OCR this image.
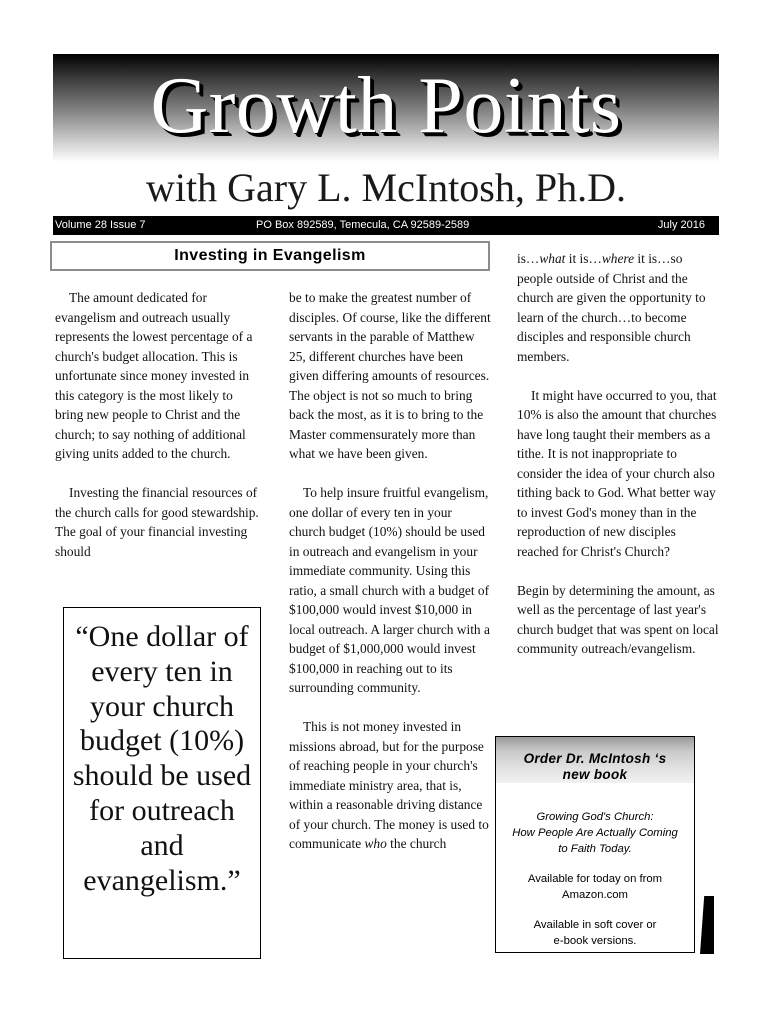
Growth Points
with Gary L. McIntosh, Ph.D.
Volume 28 Issue 7	PO Box 892589, Temecula, CA 92589-2589	July 2016
Investing in Evangelism

The amount dedicated for evangelism and outreach usually represents the lowest percentage of a church's budget allocation. This is unfortunate since money invested in this category is the most likely to bring new people to Christ and the church; to say nothing of additional giving units added to the church.

Investing the financial resources of the church calls for good stewardship. The goal of your financial investing should

“One dollar of every ten in your church budget (10%) should be used for outreach and evangelism.”

be to make the greatest number of disciples. Of course, like the different servants in the parable of Matthew 25, different churches have been given differing amounts of resources. The object is not so much to bring back the most, as it is to bring to the Master commensurately more than what we have been given.

To help insure fruitful evangelism, one dollar of every ten in your church budget (10%) should be used in outreach and evangelism in your immediate community. Using this ratio, a small church with a budget of $100,000 would invest $10,000 in local outreach. A larger church with a budget of $1,000,000 would invest $100,000 in reaching out to its surrounding community.

This is not money invested in missions abroad, but for the purpose of reaching people in your church's immediate ministry area, that is, within a reasonable driving distance of your church. The money is used to communicate who the church

is…what it is…where it is…so people outside of Christ and the church are given the opportunity to learn of the church…to become disciples and responsible church members.

It might have occurred to you, that 10% is also the amount that churches have long taught their members as a tithe. It is not inappropriate to consider the idea of your church also tithing back to God. What better way to invest God's money than in the reproduction of new disciples reached for Christ's Church?

Begin by determining the amount, as well as the percentage of last year's church budget that was spent on local community outreach/evangelism.

Order Dr. McIntosh ‘s
new book
Growing God's Church:
How People Are Actually Coming
to Faith Today.
Available for today on from
Amazon.com
Available in soft cover or
e-book versions.
